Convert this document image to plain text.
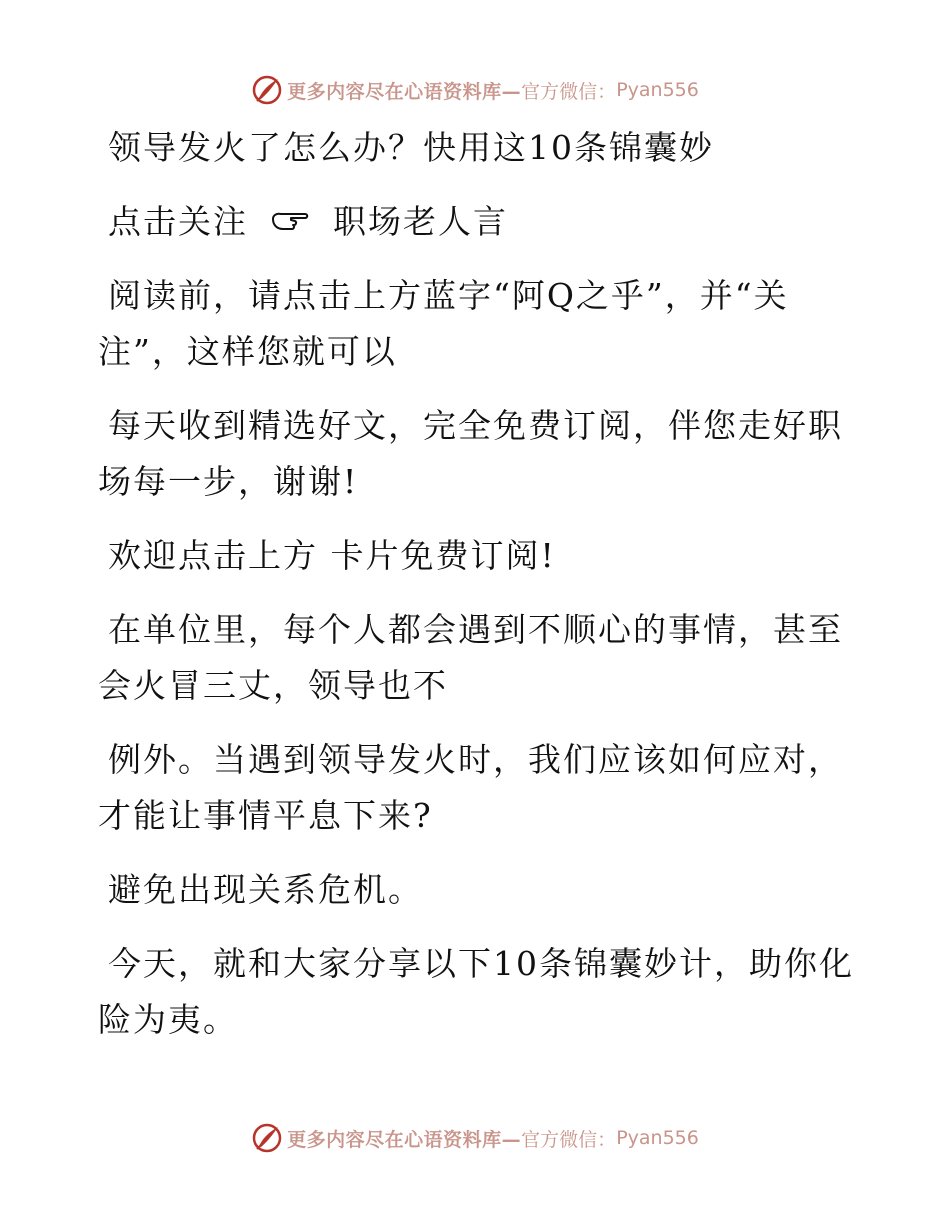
更多内容尽在心语资料库— 官方微信： Pyan556

领导发火了怎么办？快用这10条锦囊妙

点击关注	职场老人言

阅读前，请点击上方蓝字“阿Q之乎”，并“关注”，这样您就可以

每天收到精选好文，完全免费订阅，伴您走好职场每一步，谢谢!

欢迎点击上方 卡片免费订阅!

在单位里，每个人都会遇到不顺心的事情，甚至会火冒三丈，领导也不

例外。当遇到领导发火时，我们应该如何应对，才能让事情平息下来?

避免出现关系危机。

今天，就和大家分享以下10条锦囊妙计，助你化险为夷。

更多内容尽在心语资料库— 官方微信： Pyan556
